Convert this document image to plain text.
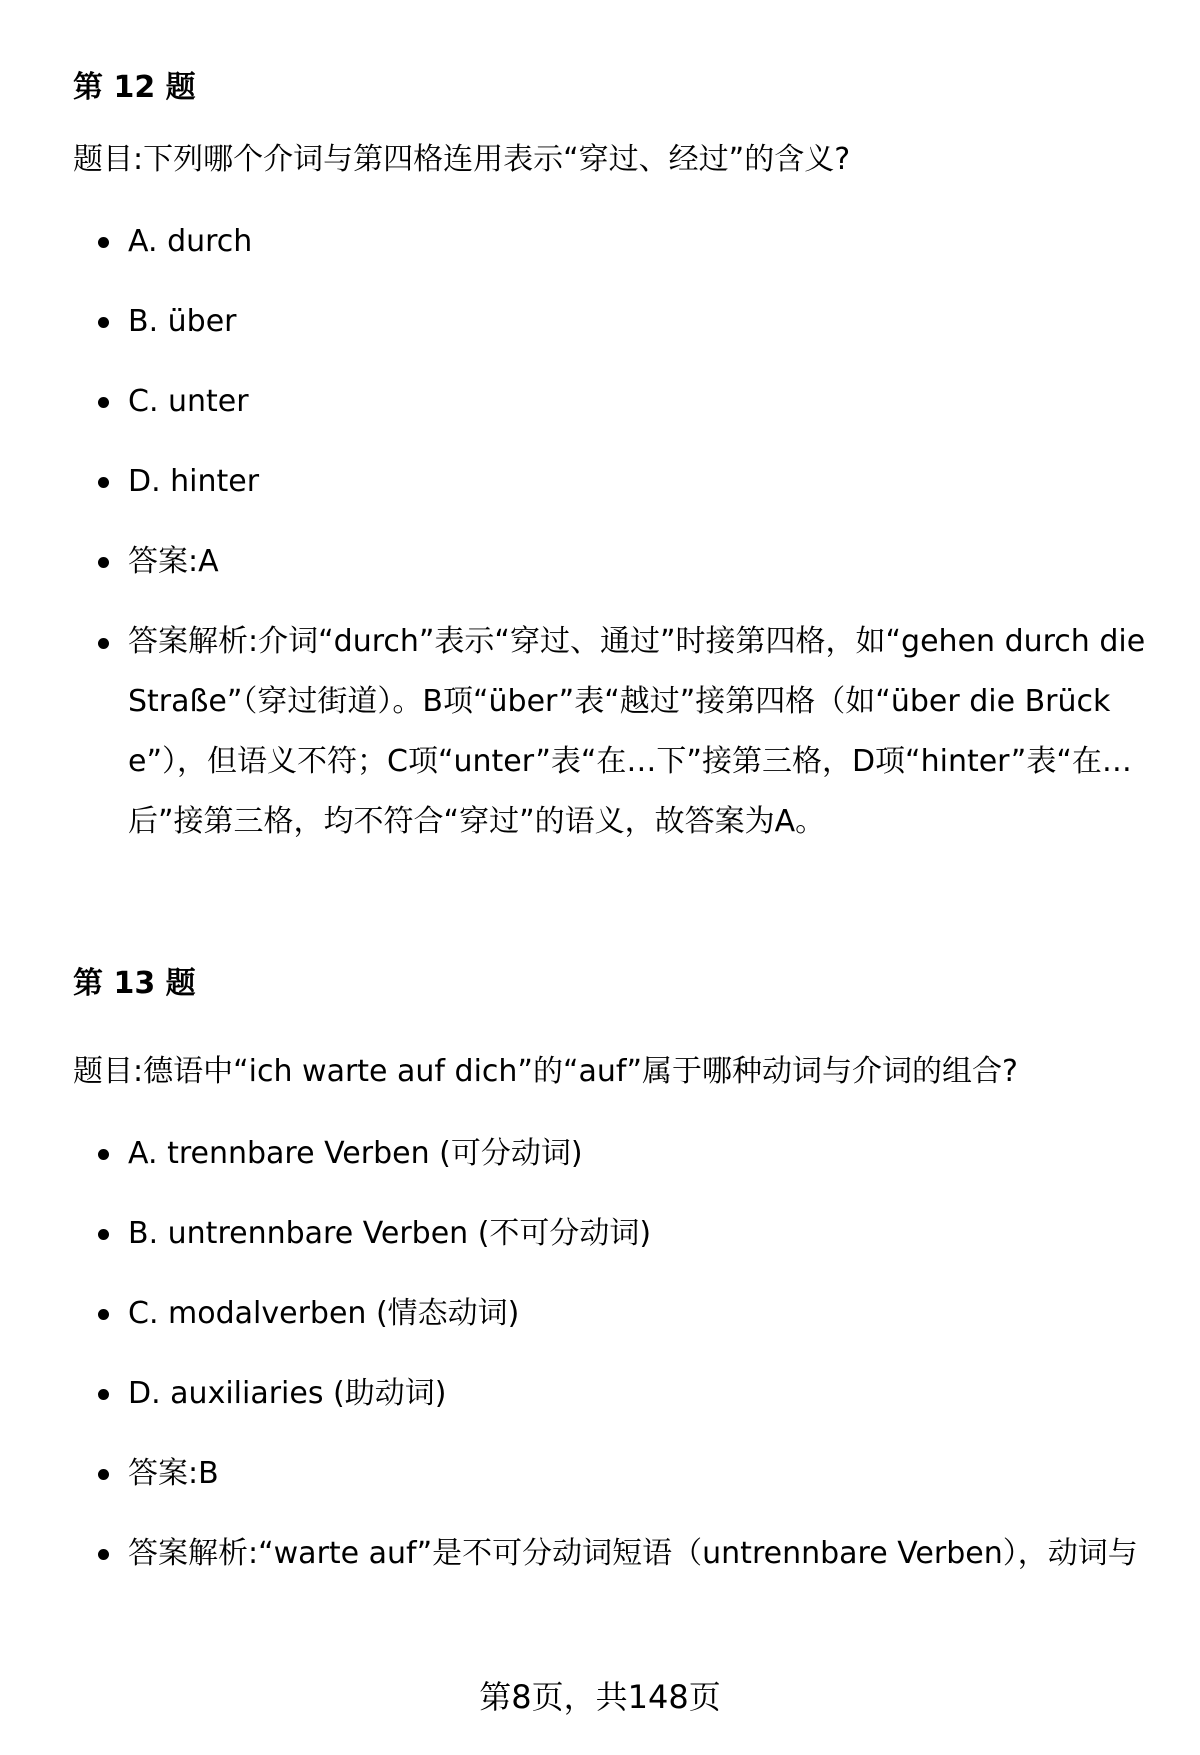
第 12 题
题目:下列哪个介词与第四格连用表示“穿过、经过”的含义?
A. durch
B. über
C. unter
D. hinter
答案:A
答案解析:介词“durch”表示“穿过、通过”时接第四格，如“gehen durch die Straße”（穿过街道）。B项“über”表“越过”接第四格（如“über die Brücke”），但语义不符；C项“unter”表“在…下”接第三格，D项“hinter”表“在…后”接第三格，均不符合“穿过”的语义，故答案为A。
第 13 题
题目:德语中“ich warte auf dich”的“auf”属于哪种动词与介词的组合?
A. trennbare Verben (可分动词)
B. untrennbare Verben (不可分动词)
C. modalverben (情态动词)
D. auxiliaries (助动词)
答案:B
答案解析:“warte auf”是不可分动词短语（untrennbare Verben），动词与
第8页，共148页
